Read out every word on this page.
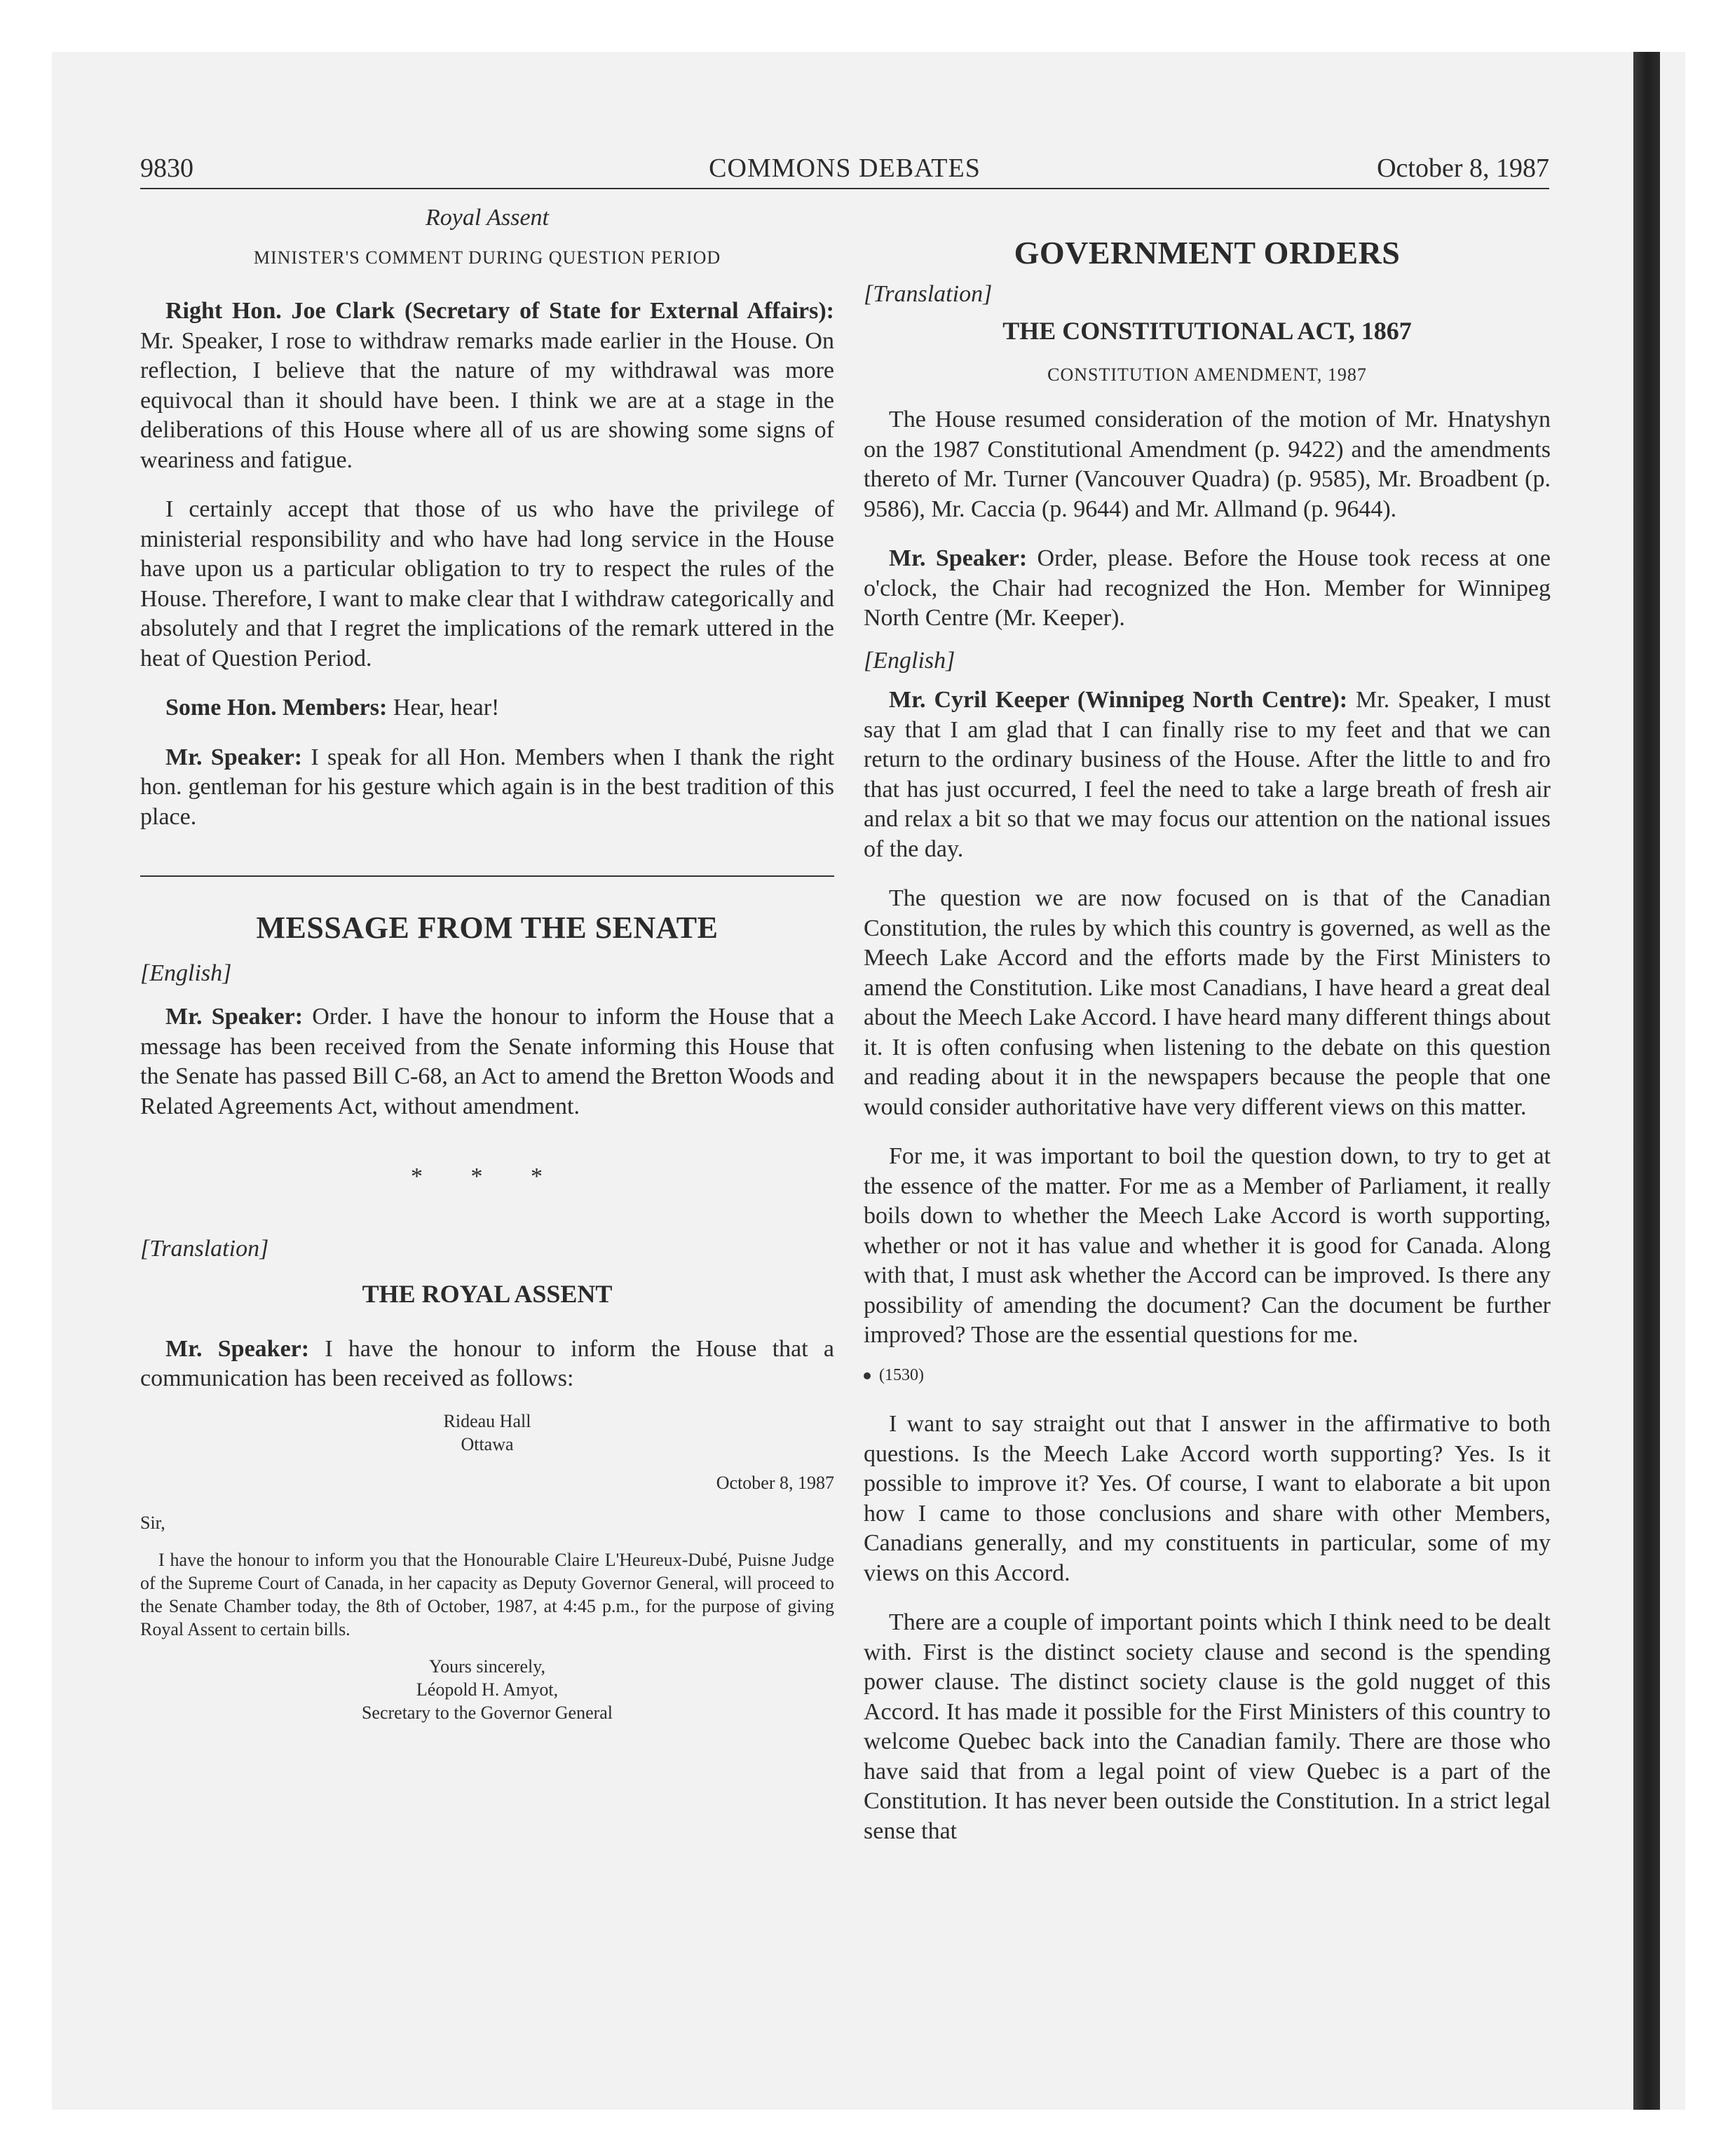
9830	COMMONS DEBATES	October 8, 1987
Royal Assent
MINISTER'S COMMENT DURING QUESTION PERIOD

Right Hon. Joe Clark (Secretary of State for External Affairs): Mr. Speaker, I rose to withdraw remarks made earlier in the House. On reflection, I believe that the nature of my withdrawal was more equivocal than it should have been. I think we are at a stage in the deliberations of this House where all of us are showing some signs of weariness and fatigue.

I certainly accept that those of us who have the privilege of ministerial responsibility and who have had long service in the House have upon us a particular obligation to try to respect the rules of the House. Therefore, I want to make clear that I withdraw categorically and absolutely and that I regret the implications of the remark uttered in the heat of Question Period.

Some Hon. Members: Hear, hear!

Mr. Speaker: I speak for all Hon. Members when I thank the right hon. gentleman for his gesture which again is in the best tradition of this place.

MESSAGE FROM THE SENATE

[English]

Mr. Speaker: Order. I have the honour to inform the House that a message has been received from the Senate informing this House that the Senate has passed Bill C-68, an Act to amend the Bretton Woods and Related Agreements Act, without amendment.

* * *

[Translation]

THE ROYAL ASSENT

Mr. Speaker: I have the honour to inform the House that a communication has been received as follows:

Rideau Hall
Ottawa
October 8, 1987
Sir,

I have the honour to inform you that the Honourable Claire L'Heureux-Dubé, Puisne Judge of the Supreme Court of Canada, in her capacity as Deputy Governor General, will proceed to the Senate Chamber today, the 8th of October, 1987, at 4:45 p.m., for the purpose of giving Royal Assent to certain bills.

Yours sincerely,
Léopold H. Amyot,
Secretary to the Governor General
GOVERNMENT ORDERS

[Translation]

THE CONSTITUTIONAL ACT, 1867
CONSTITUTION AMENDMENT, 1987

The House resumed consideration of the motion of Mr. Hnatyshyn on the 1987 Constitutional Amendment (p. 9422) and the amendments thereto of Mr. Turner (Vancouver Quadra) (p. 9585), Mr. Broadbent (p. 9586), Mr. Caccia (p. 9644) and Mr. Allmand (p. 9644).

Mr. Speaker: Order, please. Before the House took recess at one o'clock, the Chair had recognized the Hon. Member for Winnipeg North Centre (Mr. Keeper).

[English]

Mr. Cyril Keeper (Winnipeg North Centre): Mr. Speaker, I must say that I am glad that I can finally rise to my feet and that we can return to the ordinary business of the House. After the little to and fro that has just occurred, I feel the need to take a large breath of fresh air and relax a bit so that we may focus our attention on the national issues of the day.

The question we are now focused on is that of the Canadian Constitution, the rules by which this country is governed, as well as the Meech Lake Accord and the efforts made by the First Ministers to amend the Constitution. Like most Canadians, I have heard a great deal about the Meech Lake Accord. I have heard many different things about it. It is often confusing when listening to the debate on this question and reading about it in the newspapers because the people that one would consider authoritative have very different views on this matter.

For me, it was important to boil the question down, to try to get at the essence of the matter. For me as a Member of Parliament, it really boils down to whether the Meech Lake Accord is worth supporting, whether or not it has value and whether it is good for Canada. Along with that, I must ask whether the Accord can be improved. Is there any possibility of amending the document? Can the document be further improved? Those are the essential questions for me.

(1530)

I want to say straight out that I answer in the affirmative to both questions. Is the Meech Lake Accord worth supporting? Yes. Is it possible to improve it? Yes. Of course, I want to elaborate a bit upon how I came to those conclusions and share with other Members, Canadians generally, and my constituents in particular, some of my views on this Accord.

There are a couple of important points which I think need to be dealt with. First is the distinct society clause and second is the spending power clause. The distinct society clause is the gold nugget of this Accord. It has made it possible for the First Ministers of this country to welcome Quebec back into the Canadian family. There are those who have said that from a legal point of view Quebec is a part of the Constitution. It has never been outside the Constitution. In a strict legal sense that
